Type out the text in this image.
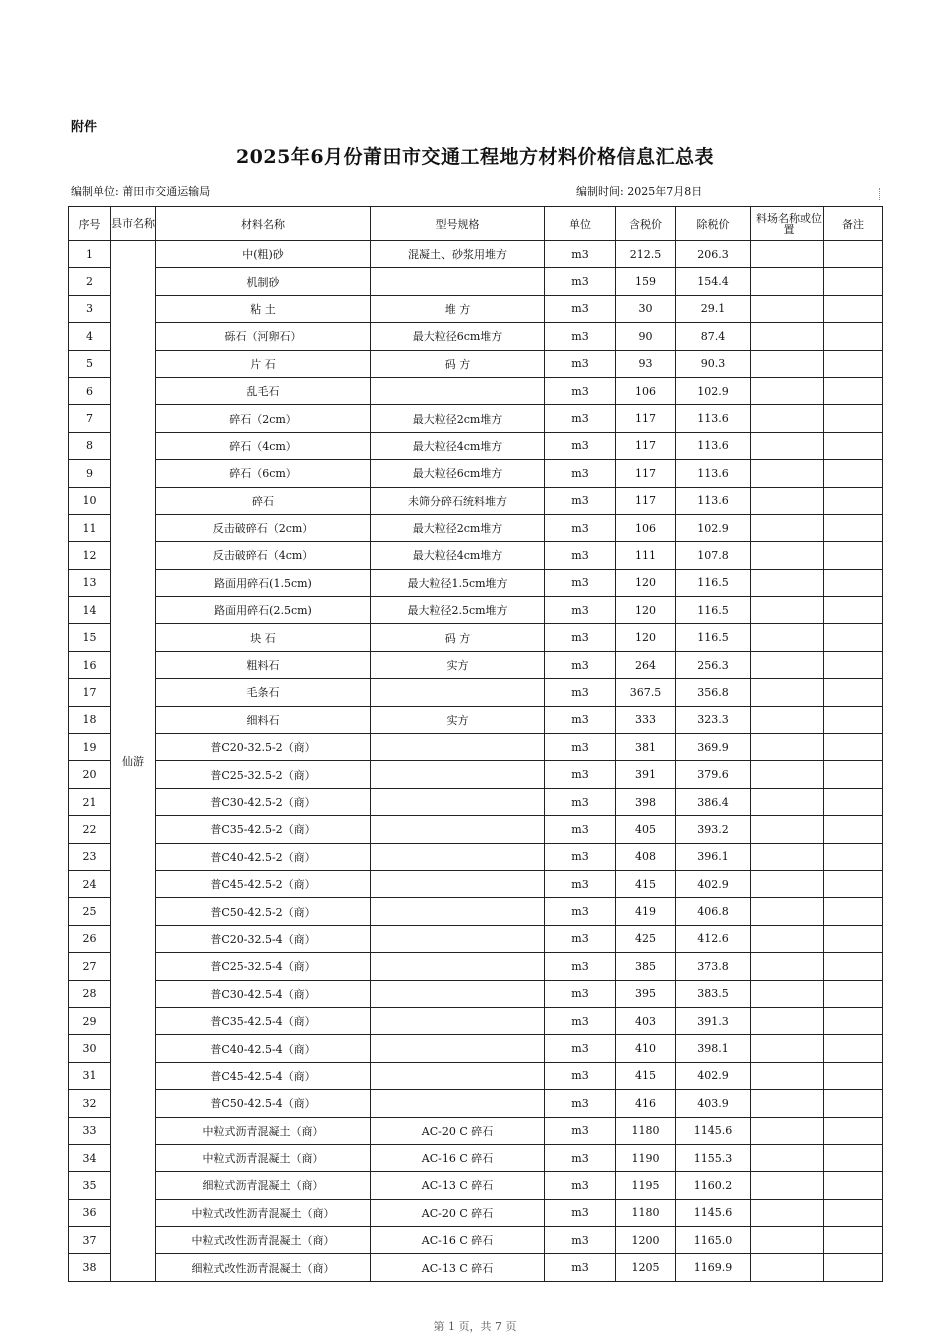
附件
2025年6月份莆田市交通工程地方材料价格信息汇总表
编制单位: 莆田市交通运输局	编制时间: 2025年7月8日
序号	县市名称	材料名称	型号规格	单位	含税价	除税价	料场名称或位置	备注
1	仙游	中(粗)砂	混凝土、砂浆用堆方	m3	212.5	206.3		
2		机制砂		m3	159	154.4		
3		粘 土	堆 方	m3	30	29.1		
4		砾石（河卵石）	最大粒径6cm堆方	m3	90	87.4		
5		片 石	码 方	m3	93	90.3		
6		乱毛石		m3	106	102.9		
7		碎石（2cm）	最大粒径2cm堆方	m3	117	113.6		
8		碎石（4cm）	最大粒径4cm堆方	m3	117	113.6		
9		碎石（6cm）	最大粒径6cm堆方	m3	117	113.6		
10		碎石	未筛分碎石统料堆方	m3	117	113.6		
11		反击破碎石（2cm）	最大粒径2cm堆方	m3	106	102.9		
12		反击破碎石（4cm）	最大粒径4cm堆方	m3	111	107.8		
13		路面用碎石(1.5cm)	最大粒径1.5cm堆方	m3	120	116.5		
14		路面用碎石(2.5cm)	最大粒径2.5cm堆方	m3	120	116.5		
15		块 石	码 方	m3	120	116.5		
16		粗料石	实方	m3	264	256.3		
17		毛条石		m3	367.5	356.8		
18		细料石	实方	m3	333	323.3		
19		普C20-32.5-2（商）		m3	381	369.9		
20		普C25-32.5-2（商）		m3	391	379.6		
21		普C30-42.5-2（商）		m3	398	386.4		
22		普C35-42.5-2（商）		m3	405	393.2		
23		普C40-42.5-2（商）		m3	408	396.1		
24		普C45-42.5-2（商）		m3	415	402.9		
25		普C50-42.5-2（商）		m3	419	406.8		
26		普C20-32.5-4（商）		m3	425	412.6		
27		普C25-32.5-4（商）		m3	385	373.8		
28		普C30-42.5-4（商）		m3	395	383.5		
29		普C35-42.5-4（商）		m3	403	391.3		
30		普C40-42.5-4（商）		m3	410	398.1		
31		普C45-42.5-4（商）		m3	415	402.9		
32		普C50-42.5-4（商）		m3	416	403.9		
33		中粒式沥青混凝土（商）	AC-20 C 碎石	m3	1180	1145.6		
34		中粒式沥青混凝土（商）	AC-16 C 碎石	m3	1190	1155.3		
35		细粒式沥青混凝土（商）	AC-13 C 碎石	m3	1195	1160.2		
36		中粒式改性沥青混凝土（商）	AC-20 C 碎石	m3	1180	1145.6		
37		中粒式改性沥青混凝土（商）	AC-16 C 碎石	m3	1200	1165.0		
38		细粒式改性沥青混凝土（商）	AC-13 C 碎石	m3	1205	1169.9		
第 1 页，共 7 页
